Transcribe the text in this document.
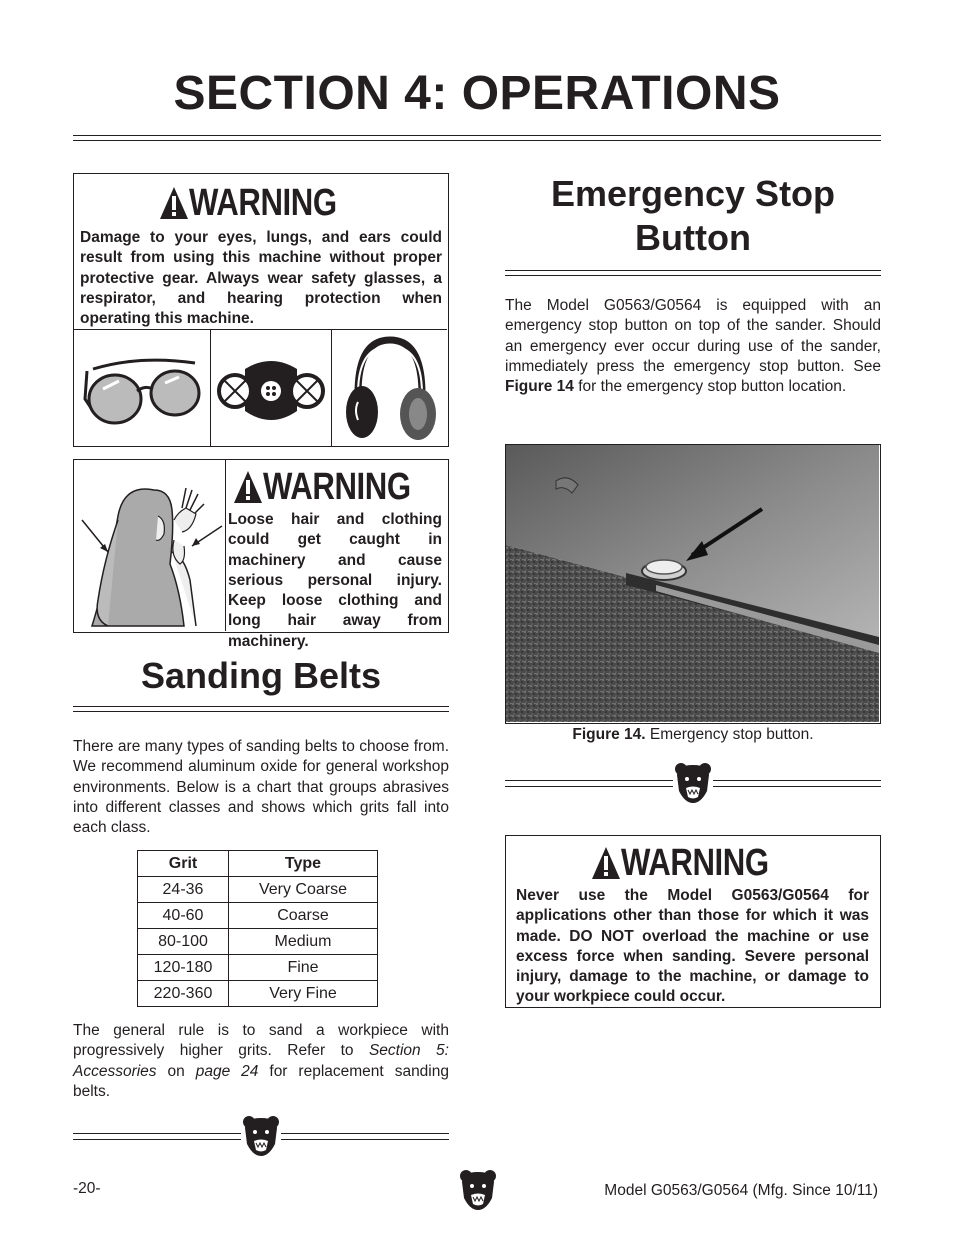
SECTION 4: OPERATIONS
WARNING
Damage to your eyes, lungs, and ears could result from using this machine without proper protective gear. Always wear safety glasses, a respirator, and hearing protection when operating this machine.
WARNING
Loose hair and clothing could get caught in machinery and cause serious personal injury. Keep loose clothing and long hair away from machinery.
Sanding Belts
There are many types of sanding belts to choose from. We recommend aluminum oxide for general workshop environments. Below is a chart that groups abrasives into different classes and shows which grits fall into each class.
Grit	Type
24-36	Very Coarse
40-60	Coarse
80-100	Medium
120-180	Fine
220-360	Very Fine
The general rule is to sand a workpiece with progressively higher grits. Refer to Section 5: Accessories on page 24 for replacement sanding belts.
Emergency Stop
Button
The Model G0563/G0564 is equipped with an emergency stop button on top of the sander. Should an emergency ever occur during use of the sander, immediately press the emergency stop button. See Figure 14 for the emergency stop button location.
Figure 14. Emergency stop button.
WARNING
Never use the Model G0563/G0564 for applications other than those for which it was made. DO NOT overload the machine or use excess force when sanding. Severe personal injury, damage to the machine, or damage to your workpiece could occur.
-20-	Model G0563/G0564 (Mfg. Since 10/11)
